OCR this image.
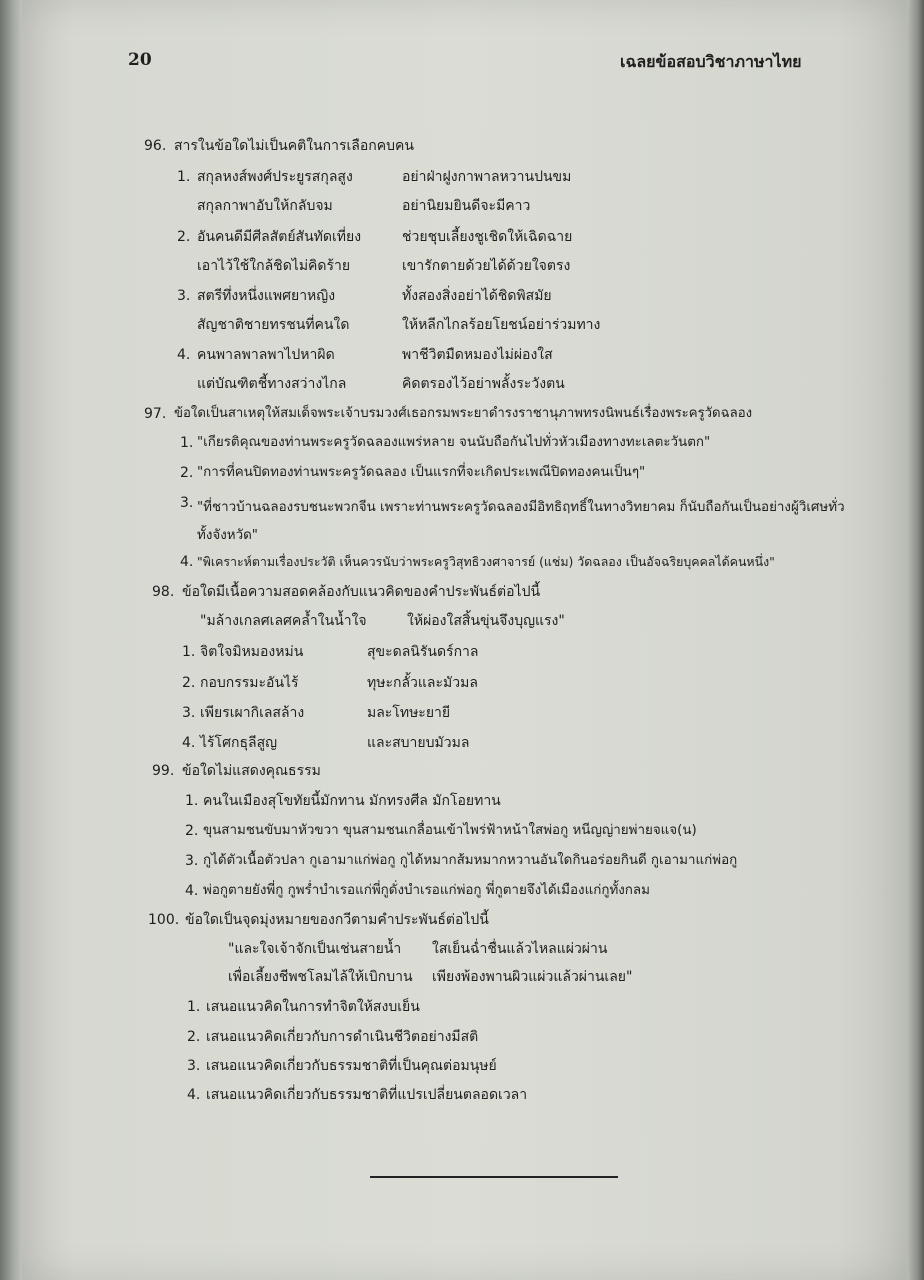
20	เฉลยข้อสอบวิชาภาษาไทย
96. สารในข้อใดไม่เป็นคติในการเลือกคบคน
1. สกุลหงส์พงศ์ประยูรสกุลสูง	อย่าฝ่าฝูงกาพาลหวานปนขม
สกุลกาพาอับให้กลับจม	อย่านิยมยินดีจะมีคาว
2. อันคนดีมีศีลสัตย์สันทัดเที่ยง	ช่วยชุบเลี้ยงชูเชิดให้เฉิดฉาย
เอาไว้ใช้ใกล้ชิดไม่คิดร้าย	เขารักตายด้วยได้ด้วยใจตรง
3. สตรีทึ่งหนึ่งแพศยาหญิง	ทั้งสองสิ่งอย่าได้ชิดพิสมัย
สัญชาติชายทรชนที่คนใด	ให้หลีกไกลร้อยโยชน์อย่าร่วมทาง
4. คนพาลพาลพาไปหาผิด	พาชีวิตมืดหมองไม่ผ่องใส
แต่บัณฑิตชี้ทางสว่างไกล	คิดตรองไว้อย่าพลั้งระวังตน
97. ข้อใดเป็นสาเหตุให้สมเด็จพระเจ้าบรมวงศ์เธอกรมพระยาดำรงราชานุภาพทรงนิพนธ์เรื่องพระครูวัดฉลอง
1. "เกียรติคุณของท่านพระครูวัดฉลองแพร่หลาย จนนับถือกันไปทั่วหัวเมืองทางทะเลตะวันตก"
2. "การที่คนปิดทองท่านพระครูวัดฉลอง เป็นแรกที่จะเกิดประเพณีปิดทองคนเป็นๆ"
3. "ที่ชาวบ้านฉลองรบชนะพวกจีน เพราะท่านพระครูวัดฉลองมีอิทธิฤทธิ์ในทางวิทยาคม ก็นับถือกันเป็นอย่างผู้วิเศษทั่วทั้งจังหวัด"
4. "พิเคราะห์ตามเรื่องประวัติ เห็นควรนับว่าพระครูวิสุทธิวงศาจารย์ (แช่ม) วัดฉลอง เป็นอัจฉริยบุคคลได้คนหนึ่ง"
98. ข้อใดมีเนื้อความสอดคล้องกับแนวคิดของคำประพันธ์ต่อไปนี้
"มล้างเกลศเลศคล้ำในน้ำใจ	ให้ผ่องใสสิ้นขุ่นจึงบุญแรง"
1. จิตใจมิหมองหม่น	สุขะดลนิรันดร์กาล
2. กอบกรรมะอันไร้	ทุษะกลั้วและมัวมล
3. เพียรเผากิเลสล้าง	มละโทษะยายี
4. ไร้โศกธุลีสูญ	และสบายบมัวมล
99. ข้อใดไม่แสดงคุณธรรม
1. คนในเมืองสุโขทัยนี้มักทาน มักทรงศีล มักโอยทาน
2. ขุนสามชนขับมาหัวขวา ขุนสามชนเกลื่อนเข้าไพร่ฟ้าหน้าใสพ่อกู หนีญญ่ายพ่ายจแจ(น)
3. กูได้ตัวเนื้อตัวปลา กูเอามาแก่พ่อกู กูได้หมากส้มหมากหวานอันใดกินอร่อยกินดี กูเอามาแก่พ่อกู
4. พ่อกูตายยังพี่กู กูพร่ำบำเรอแก่พี่กูดั่งบำเรอแก่พ่อกู พี่กูตายจึงได้เมืองแก่กูทั้งกลม
100. ข้อใดเป็นจุดมุ่งหมายของกวีตามคำประพันธ์ต่อไปนี้
"และใจเจ้าจักเป็นเช่นสายน้ำ ใสเย็นฉ่ำชื่นแล้วไหลแผ่วผ่าน
เพื่อเลี้ยงชีพชโลมไล้ให้เบิกบาน เพียงพ้องพานผิวแผ่วแล้วผ่านเลย"
1. เสนอแนวคิดในการทำจิตให้สงบเย็น
2. เสนอแนวคิดเกี่ยวกับการดำเนินชีวิตอย่างมีสติ
3. เสนอแนวคิดเกี่ยวกับธรรมชาติที่เป็นคุณต่อมนุษย์
4. เสนอแนวคิดเกี่ยวกับธรรมชาติที่แปรเปลี่ยนตลอดเวลา
